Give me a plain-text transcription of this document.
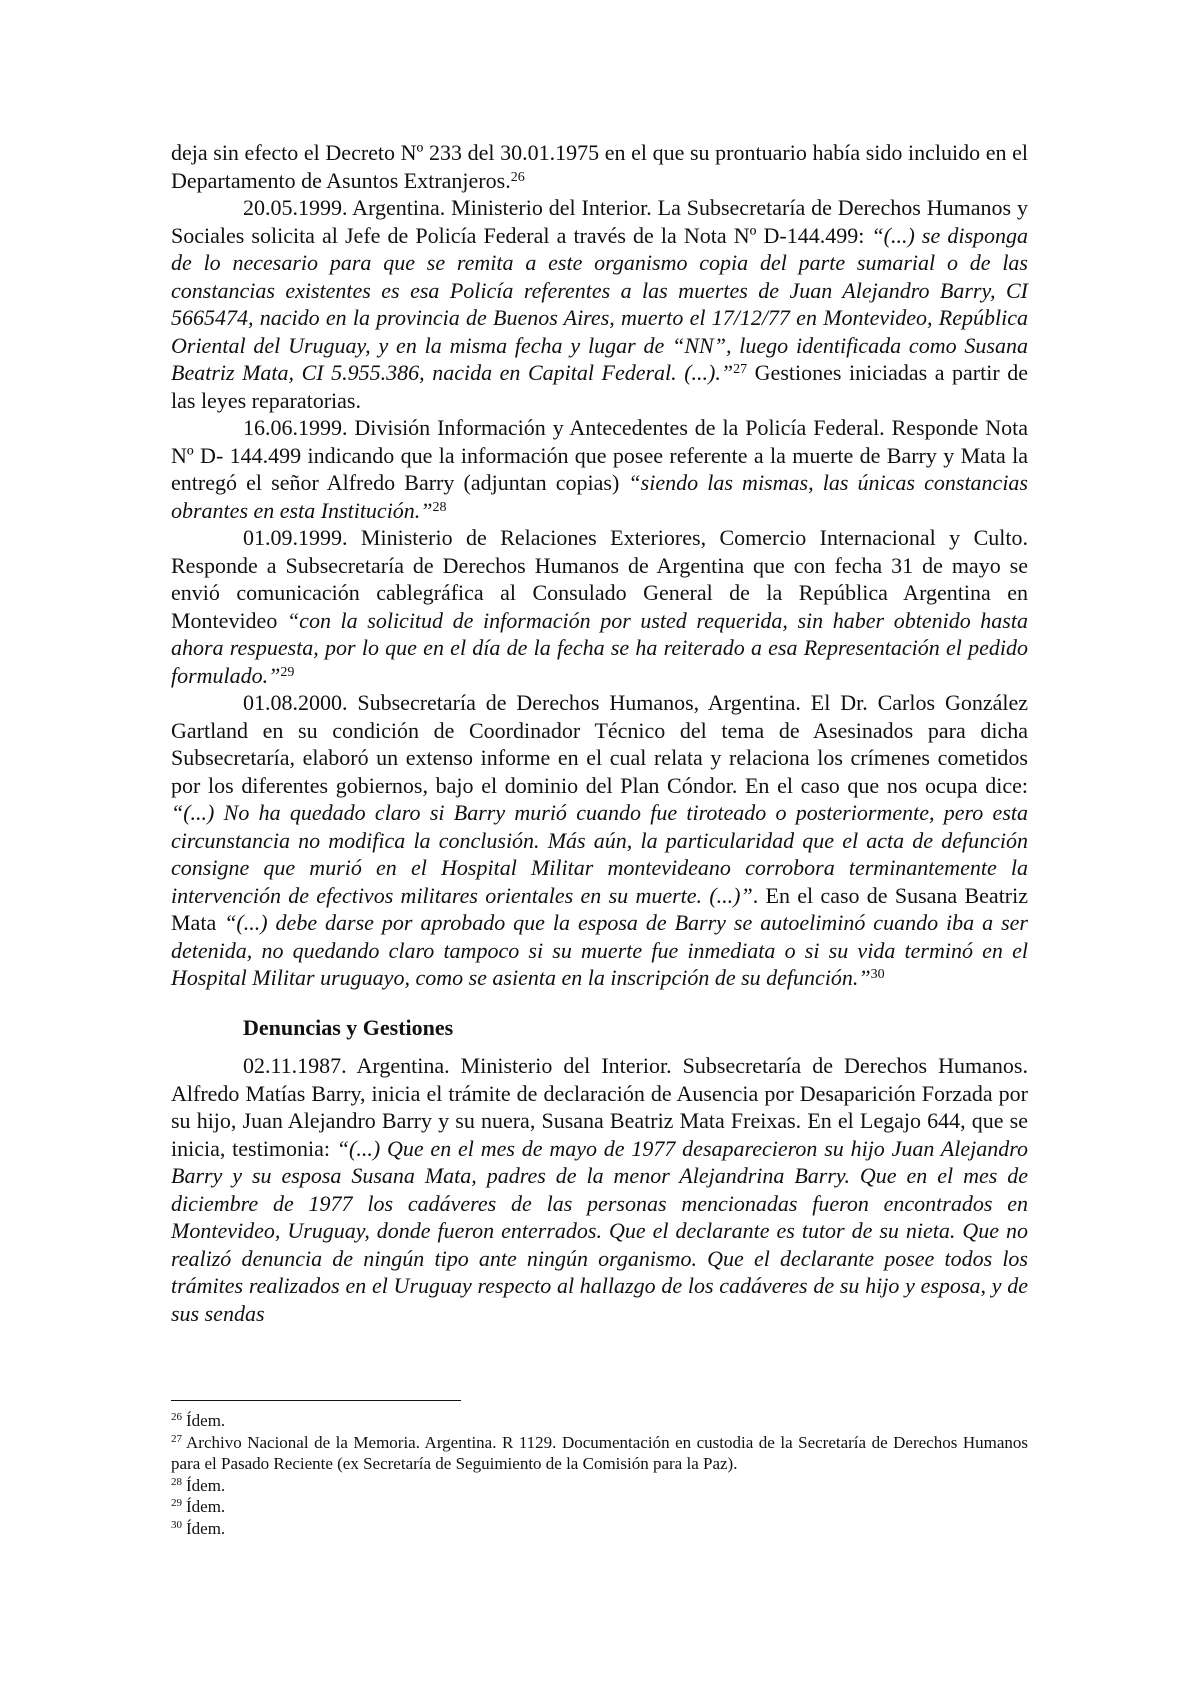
deja sin efecto el Decreto Nº 233 del 30.01.1975 en el que su prontuario había sido incluido en el Departamento de Asuntos Extranjeros.$^{26}$

20.05.1999. Argentina. Ministerio del Interior. La Subsecretaría de Derechos Humanos y Sociales solicita al Jefe de Policía Federal a través de la Nota Nº D-144.499: “(...) se disponga de lo necesario para que se remita a este organismo copia del parte sumarial o de las constancias existentes es esa Policía referentes a las muertes de Juan Alejandro Barry, CI 5665474, nacido en la provincia de Buenos Aires, muerto el 17/12/77 en Montevideo, República Oriental del Uruguay, y en la misma fecha y lugar de “NN”, luego identificada como Susana Beatriz Mata, CI 5.955.386, nacida en Capital Federal. (...).”$^{27}$ Gestiones iniciadas a partir de las leyes reparatorias.

16.06.1999. División Información y Antecedentes de la Policía Federal. Responde Nota Nº D- 144.499 indicando que la información que posee referente a la muerte de Barry y Mata la entregó el señor Alfredo Barry (adjuntan copias) “siendo las mismas, las únicas constancias obrantes en esta Institución.”$^{28}$

01.09.1999. Ministerio de Relaciones Exteriores, Comercio Internacional y Culto. Responde a Subsecretaría de Derechos Humanos de Argentina que con fecha 31 de mayo se envió comunicación cablegráfica al Consulado General de la República Argentina en Montevideo “con la solicitud de información por usted requerida, sin haber obtenido hasta ahora respuesta, por lo que en el día de la fecha se ha reiterado a esa Representación el pedido formulado.”$^{29}$

01.08.2000. Subsecretaría de Derechos Humanos, Argentina. El Dr. Carlos González Gartland en su condición de Coordinador Técnico del tema de Asesinados para dicha Subsecretaría, elaboró un extenso informe en el cual relata y relaciona los crímenes cometidos por los diferentes gobiernos, bajo el dominio del Plan Cóndor. En el caso que nos ocupa dice: “(...) No ha quedado claro si Barry murió cuando fue tiroteado o posteriormente, pero esta circunstancia no modifica la conclusión. Más aún, la particularidad que el acta de defunción consigne que murió en el Hospital Militar montevideano corrobora terminantemente la intervención de efectivos militares orientales en su muerte. (...)”. En el caso de Susana Beatriz Mata “(...) debe darse por aprobado que la esposa de Barry se autoeliminó cuando iba a ser detenida, no quedando claro tampoco si su muerte fue inmediata o si su vida terminó en el Hospital Militar uruguayo, como se asienta en la inscripción de su defunción.”$^{30}$

Denuncias y Gestiones

02.11.1987. Argentina. Ministerio del Interior. Subsecretaría de Derechos Humanos. Alfredo Matías Barry, inicia el trámite de declaración de Ausencia por Desaparición Forzada por su hijo, Juan Alejandro Barry y su nuera, Susana Beatriz Mata Freixas. En el Legajo 644, que se inicia, testimonia: “(...) Que en el mes de mayo de 1977 desaparecieron su hijo Juan Alejandro Barry y su esposa Susana Mata, padres de la menor Alejandrina Barry. Que en el mes de diciembre de 1977 los cadáveres de las personas mencionadas fueron encontrados en Montevideo, Uruguay, donde fueron enterrados. Que el declarante es tutor de su nieta. Que no realizó denuncia de ningún tipo ante ningún organismo. Que el declarante posee todos los trámites realizados en el Uruguay respecto al hallazgo de los cadáveres de su hijo y esposa, y de sus sendas

$^{26}$ Ídem.

$^{27}$ Archivo Nacional de la Memoria. Argentina. R 1129. Documentación en custodia de la Secretaría de Derechos Humanos para el Pasado Reciente (ex Secretaría de Seguimiento de la Comisión para la Paz).

$^{28}$ Ídem.

$^{29}$ Ídem.

$^{30}$ Ídem.
